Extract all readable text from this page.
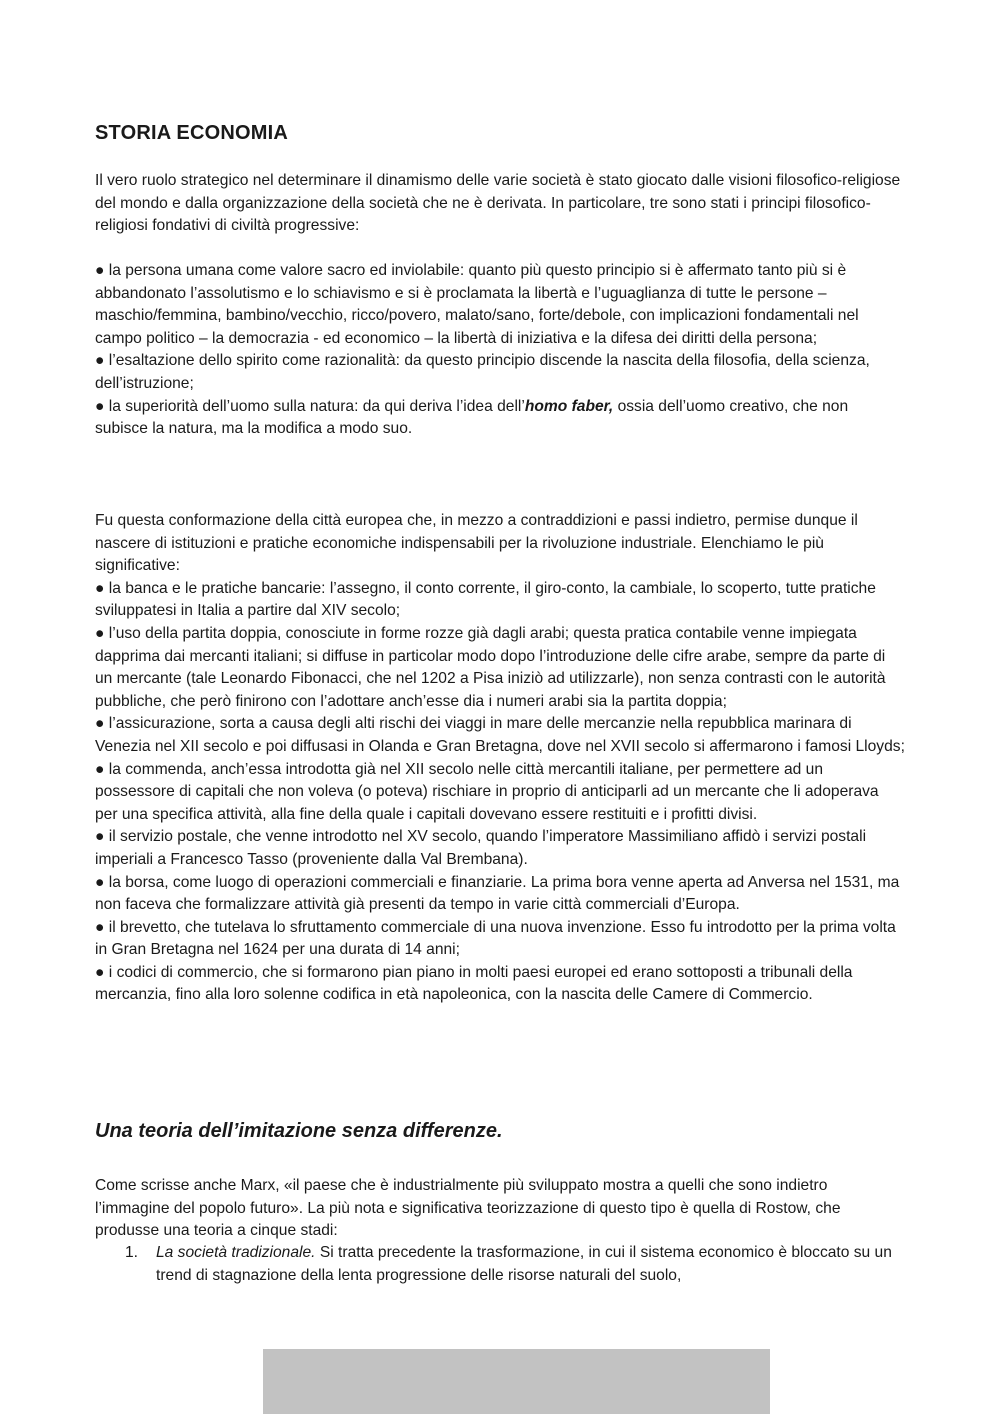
STORIA ECONOMIA

Il vero ruolo strategico nel determinare il dinamismo delle varie società è stato giocato dalle visioni filosofico-religiose del mondo e dalla organizzazione della società che ne è derivata. In particolare, tre sono stati i principi filosofico-religiosi fondativi di civiltà progressive:

● la persona umana come valore sacro ed inviolabile: quanto più questo principio si è affermato tanto più si è abbandonato l’assolutismo e lo schiavismo e si è proclamata la libertà e l’uguaglianza di tutte le persone – maschio/femmina, bambino/vecchio, ricco/povero, malato/sano, forte/debole, con implicazioni fondamentali nel campo politico – la democrazia - ed economico – la libertà di iniziativa e la difesa dei diritti della persona;

● l’esaltazione dello spirito come razionalità: da questo principio discende la nascita della filosofia, della scienza, dell’istruzione;

● la superiorità dell’uomo sulla natura: da qui deriva l’idea dell’homo faber, ossia dell’uomo creativo, che non subisce la natura, ma la modifica a modo suo.

Fu questa conformazione della città europea che, in mezzo a contraddizioni e passi indietro, permise dunque il nascere di istituzioni e pratiche economiche indispensabili per la rivoluzione industriale. Elenchiamo le più significative:

● la banca e le pratiche bancarie: l’assegno, il conto corrente, il giro-conto, la cambiale, lo scoperto, tutte pratiche sviluppatesi in Italia a partire dal XIV secolo;

● l’uso della partita doppia, conosciute in forme rozze già dagli arabi; questa pratica contabile venne impiegata dapprima dai mercanti italiani; si diffuse in particolar modo dopo l’introduzione delle cifre arabe, sempre da parte di un mercante (tale Leonardo Fibonacci, che nel 1202 a Pisa iniziò ad utilizzarle), non senza contrasti con le autorità pubbliche, che però finirono con l’adottare anch’esse dia i numeri arabi sia la partita doppia;

● l’assicurazione, sorta a causa degli alti rischi dei viaggi in mare delle mercanzie nella repubblica marinara di Venezia nel XII secolo e poi diffusasi in Olanda e Gran Bretagna, dove nel XVII secolo si affermarono i famosi Lloyds;

● la commenda, anch’essa introdotta già nel XII secolo nelle città mercantili italiane, per permettere ad un possessore di capitali che non voleva (o poteva) rischiare in proprio di anticiparli ad un mercante che li adoperava per una specifica attività, alla fine della quale i capitali dovevano essere restituiti e i profitti divisi.

● il servizio postale, che venne introdotto nel XV secolo, quando l’imperatore Massimiliano affidò i servizi postali imperiali a Francesco Tasso (proveniente dalla Val Brembana).

● la borsa, come luogo di operazioni commerciali e finanziarie. La prima bora venne aperta ad Anversa nel 1531, ma non faceva che formalizzare attività già presenti da tempo in varie città commerciali d’Europa.

● il brevetto, che tutelava lo sfruttamento commerciale di una nuova invenzione. Esso fu introdotto per la prima volta in Gran Bretagna nel 1624 per una durata di 14 anni;

● i codici di commercio, che si formarono pian piano in molti paesi europei ed erano sottoposti a tribunali della mercanzia, fino alla loro solenne codifica in età napoleonica, con la nascita delle Camere di Commercio.

Una teoria dell’imitazione senza differenze.

Come scrisse anche Marx, «il paese che è industrialmente più sviluppato mostra a quelli che sono indietro l’immagine del popolo futuro». La più nota e significativa teorizzazione di questo tipo è quella di Rostow, che produsse una teoria a cinque stadi:

1. La società tradizionale. Si tratta precedente la trasformazione, in cui il sistema economico è bloccato su un trend di stagnazione della lenta progressione delle risorse naturali del suolo,
